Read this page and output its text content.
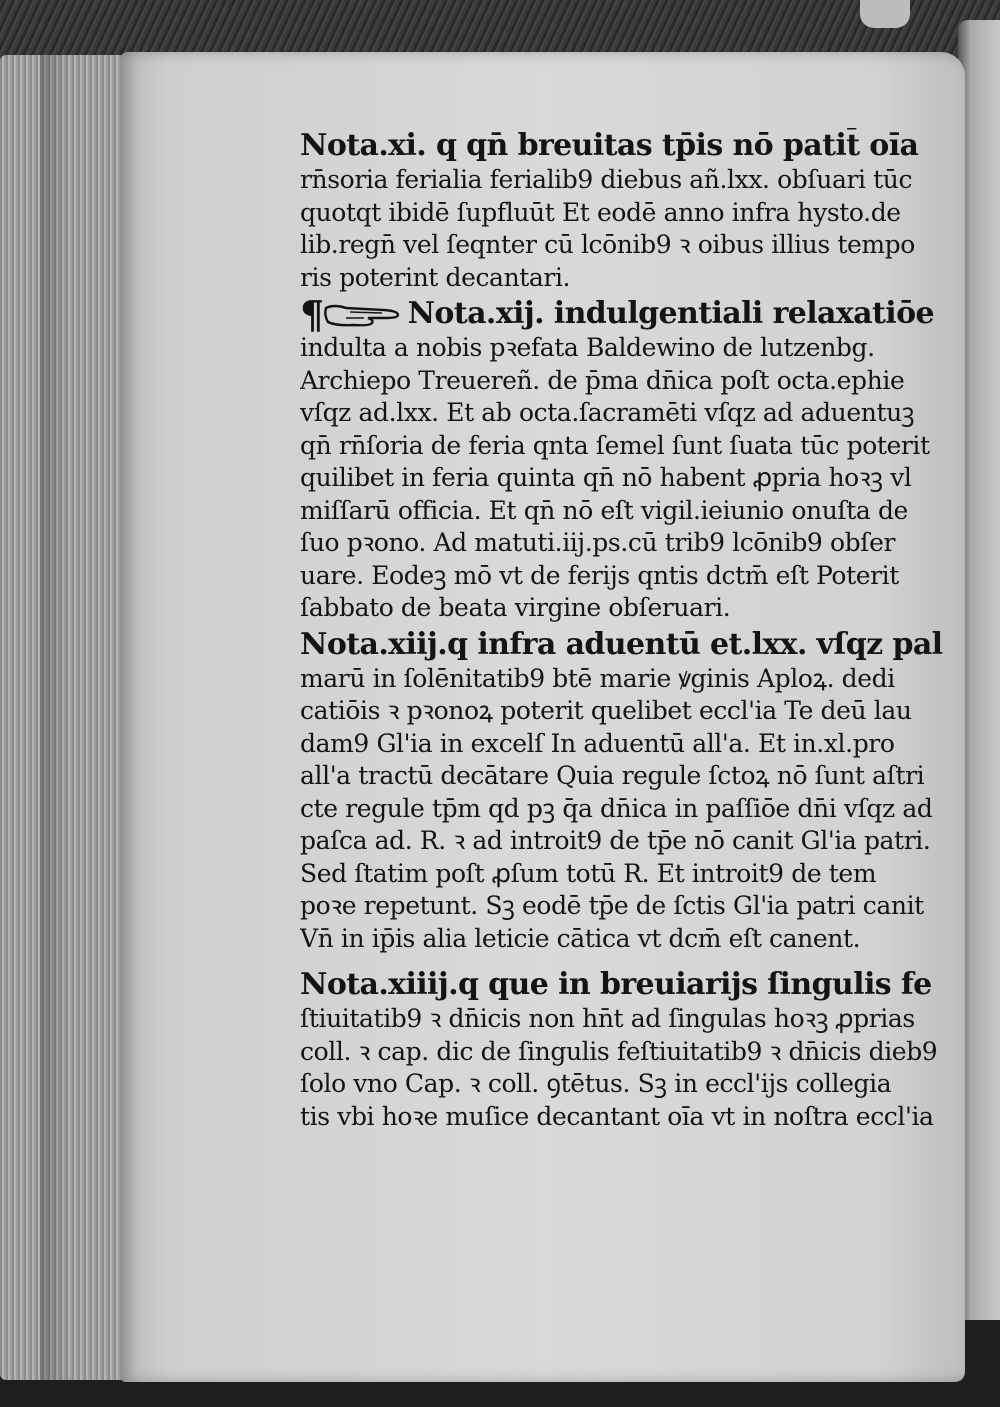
Nota.xi. q qn̄ breuitas tp̄is nō patit̄ oı̄a
rn̄soria ferialia ferialib9 diebus añ.lxx. obſuari tūc
quotqt ibidē ſupfluūt Et eodē anno infra hysto.de
lib.regn̄ vel ſeqnter cū lcōnib9 ꝛ oibus illius tempo
ris poterint decantari.
¶	Nota.xij. indulgentiali relaxatiōe
indulta a nobis pꝛefata Baldewino de lutzenbg.
Archiepo Treuereñ. de p̄ma dn̄ica poſt octa.ephie
vſqz ad.lxx. Et ab octa.ſacramēti vſqz ad aduentuꝫ
qn̄ rn̄ſoria de feria qnta ſemel ſunt ſuata tūc poterit
quilibet in feria quinta qn̄ nō habent ꝓpria hoꝛꝫ vl
miſſarū officia. Et qn̄ nō eſt vigil.ieiunio onuſta de
ſuo pꝛono. Ad matuti.iij.ps.cū trib9 lcōnib9 obſer
uare. Eodeꝫ mō vt de ferijs qntis dctm̄ eſt Poterit
ſabbato de beata virgine obſeruari.
Nota.xiij.q infra aduentū et.lxx. vſqz pal
marū in ſolēnitatib9 btē marie ꝟginis Aploꝝ. dedi
catiōis ꝛ pꝛonoꝝ poterit quelibet eccl'ia Te deū lau
dam9 Gl'ia in excelſ In aduentū all'a. Et in.xl.pro
all'a tractū decātare Quia regule ſctoꝝ nō ſunt aſtri
cte regule tp̄m qd pꝫ q̄a dn̄ica in paſſiōe dn̄i vſqz ad
paſca ad. R. ꝛ ad introit9 de tp̄e nō canit Gl'ia patri.
Sed ſtatim poſt ꝓſum totū R. Et introit9 de tem
poꝛe repetunt. Sꝫ eodē tp̄e de ſctis Gl'ia patri canit
Vn̄ in ip̄is alia leticie cātica vt dcm̄ eſt canent.
Nota.xiiij.q que in breuiarijs ſingulis fe
ſtiuitatib9 ꝛ dn̄icis non hn̄t ad ſingulas hoꝛꝫ ꝓprias
coll. ꝛ cap. dic de ſingulis feſtiuitatib9 ꝛ dn̄icis dieb9
ſolo vno Cap. ꝛ coll. ꝯtētus. Sꝫ in eccl'ijs collegia
tis vbi hoꝛe muſice decantant oı̄a vt in noſtra eccl'ia
